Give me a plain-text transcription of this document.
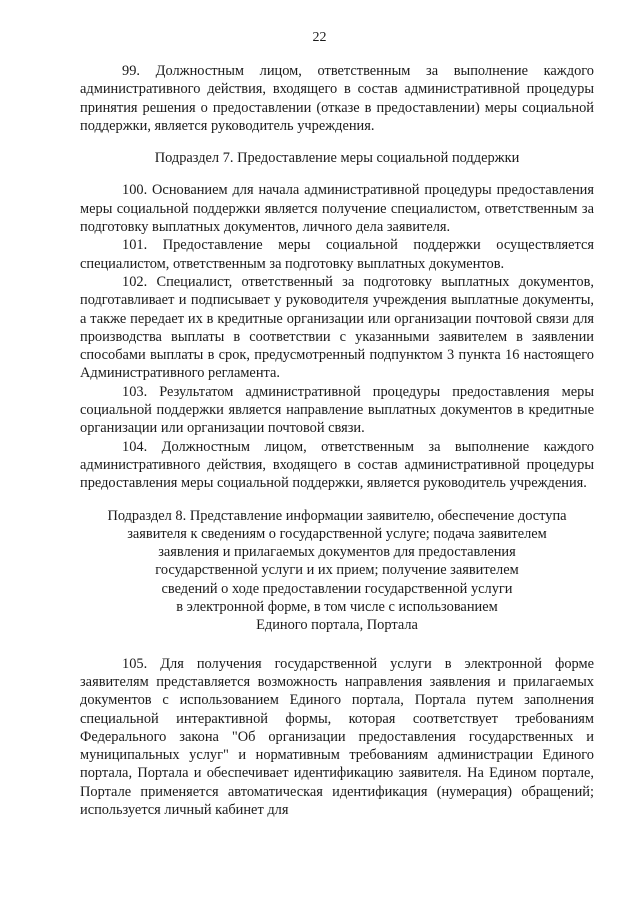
22

99. Должностным лицом, ответственным за выполнение каждого административного действия, входящего в состав административной процедуры принятия решения о предоставлении (отказе в предоставлении) меры социальной поддержки, является руководитель учреждения.

Подраздел 7. Предоставление меры социальной поддержки

100. Основанием для начала административной процедуры предоставления меры социальной поддержки является получение специалистом, ответственным за подготовку выплатных документов, личного дела заявителя.

101. Предоставление меры социальной поддержки осуществляется специалистом, ответственным за подготовку выплатных документов.

102. Специалист, ответственный за подготовку выплатных документов, подготавливает и подписывает у руководителя учреждения выплатные документы, а также передает их в кредитные организации или организации почтовой связи для производства выплаты в соответствии с указанными заявителем в заявлении способами выплаты в срок, предусмотренный подпунктом 3 пункта 16 настоящего Административного регламента.

103. Результатом административной процедуры предоставления меры социальной поддержки является направление выплатных документов в кредитные организации или организации почтовой связи.

104. Должностным лицом, ответственным за выполнение каждого административного действия, входящего в состав административной процедуры предоставления меры социальной поддержки, является руководитель учреждения.

Подраздел 8. Представление информации заявителю, обеспечение доступа
заявителя к сведениям о государственной услуге; подача заявителем
заявления и прилагаемых документов для предоставления
государственной услуги и их прием; получение заявителем
сведений о ходе предоставлении государственной услуги
в электронной форме, в том числе с использованием
Единого портала, Портала

105. Для получения государственной услуги в электронной форме заявителям представляется возможность направления заявления и прилагаемых документов с использованием Единого портала, Портала путем заполнения специальной интерактивной формы, которая соответствует требованиям Федерального закона "Об организации предоставления государственных и муниципальных услуг" и нормативным требованиям администрации Единого портала, Портала и обеспечивает идентификацию заявителя. На Едином портале, Портале применяется автоматическая идентификация (нумерация) обращений; используется личный кабинет для
